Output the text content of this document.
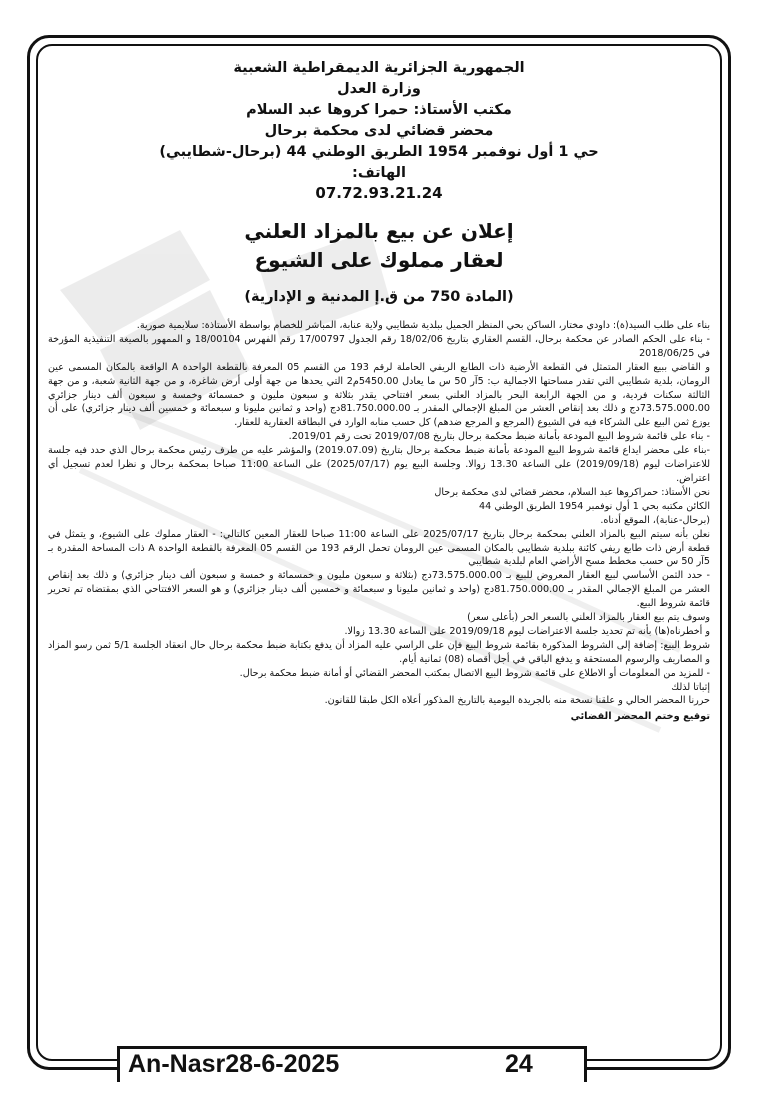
الجمهورية الجزائرية الديمقراطية الشعبية
وزارة العدل
مكتب الأستاذ: حمرا كروها عبد السلام
محضر قضائي لدى محكمة برحال
حي 1 أول نوفمبر 1954 الطريق الوطني 44 (برحال-شطايبي)
الهاتف:
07.72.93.21.24
إعلان عن بيع بالمزاد العلني
لعقار مملوك على الشيوع
(المادة 750 من ق.إ المدنية و الإدارية)

بناء على طلب السيد(ة): داودي مختار، الساكن بحي المنظر الجميل ببلدية شطايبي ولاية عنابة، المباشر للخصام بواسطة الأستاذة: سلايمية صورية.

- بناء على الحكم الصادر عن محكمة برحال، القسم العقاري بتاريخ 18/02/06 رقم الجدول 17/00797 رقم الفهرس 18/00104 و الممهور بالصيغة التنفيذية المؤرخة في 2018/06/25

و القاضي ببيع العقار المتمثل في القطعة الأرضية ذات الطابع الريفي الحاملة لرقم 193 من القسم 05 المعرفة بالقطعة الواحدة A الواقعة بالمكان المسمى عين الرومان، بلدية شطايبي التي تقدر مساحتها الاجمالية ب: 5آر 50 س ما يعادل 5450.00م2 التي يحدها من جهة أولى أرض شاغرة، و من جهة الثانية شعبة، و من جهة الثالثة سكنات فردية، و من الجهة الرابعة البحر بالمزاد العلني بسعر افتتاحي يقدر بثلاثة و سبعون مليون و خمسمائة وخمسة و سبعون ألف دينار جزائري 73.575.000.00دج و ذلك بعد إنقاص العشر من المبلغ الإجمالي المقدر بـ 81.750.000.00دج (واحد و ثمانين مليونا و سبعمائة و خمسين ألف دينار جزائري) على أن يوزع ثمن البيع على الشركاء فيه في الشيوع (المرجع و المرجع ضدهم) كل حسب منابه الوارد في البطاقة العقارية للعقار.

- بناء على قائمة شروط البيع المودعة بأمانة ضبط محكمة برحال بتاريخ 2019/07/08 تحت رقم 2019/01.

-بناء على محضر ايداع قائمة شروط البيع المودعة بأمانة ضبط محكمة برحال بتاريخ (2019.07.09) والمؤشر عليه من طرف رئيس محكمة برحال الذي حدد فيه جلسة للاعتراضات ليوم (2019/09/18) على الساعة 13.30 زوالا. وجلسة البيع يوم (2025/07/17) على الساعة 11:00 صباحا بمحكمة برحال و نظرا لعدم تسجيل أي اعتراض.

نحن الأستاذ: حمراكروها عبد السلام، محضر قضائي لدى محكمة برحال

الكائن مكتبه بحي 1 أول نوفمبر 1954 الطريق الوطني 44

(برحال-عنابة)، الموقع أدناه.

نعلن بأنه سيتم البيع بالمزاد العلني بمحكمة برحال بتاريخ 2025/07/17 على الساعة 11:00 صباحا للعقار المعين كالتالي: - العقار مملوك على الشيوع، و يتمثل في قطعة أرض ذات طابع ريفي كائنة ببلدية شطايبي بالمكان المسمى عين الرومان تحمل الرقم 193 من القسم 05 المعرفة بالقطعة الواحدة A ذات المساحة المقدرة بـ 5آر 50 س حسب مخطط مسح الأراضي العام لبلدية شطايبي

- حدد الثمن الأساسي لبيع العقار المعروض للبيع بـ 73.575.000.00دج (بثلاثة و سبعون مليون و خمسمائة و خمسة و سبعون ألف دينار جزائري) و ذلك بعد إنقاص العشر من المبلغ الإجمالي المقدر بـ 81.750.000.00دج (واحد و ثمانين مليونا و سبعمائة و خمسين ألف دينار جزائري) و هو السعر الافتتاحي الذي بمقتضاه تم تحرير قائمة شروط البيع.

وسوف يتم بيع العقار بالمزاد العلني بالسعر الحر (بأعلى سعر)

و أخطرناه(ها) بأنه تم تحديد جلسة الاعتراضات ليوم 2019/09/18 على الساعة 13.30 زوالا.

شروط البيع: إضافة إلى الشروط المذكورة بقائمة شروط البيع فإن على الراسي عليه المزاد أن يدفع بكتابة ضبط محكمة برحال حال انعقاد الجلسة 5/1 ثمن رسو المزاد و المصاريف والرسوم المستحقة و يدفع الباقي في أجل أقصاه (08) ثمانية أيام.

- للمزيد من المعلومات أو الاطلاع على قائمة شروط البيع الاتصال بمكتب المحضر القضائي أو أمانة ضبط محكمة برحال.

إثباتا لذلك

حررنا المحضر الحالي و علقنا نسخة منه بالجريدة اليومية بالتاريخ المذكور أعلاه الكل طبقا للقانون.

توقيع وختم المحضر القضائي
An-Nasr28-6-2025	24
